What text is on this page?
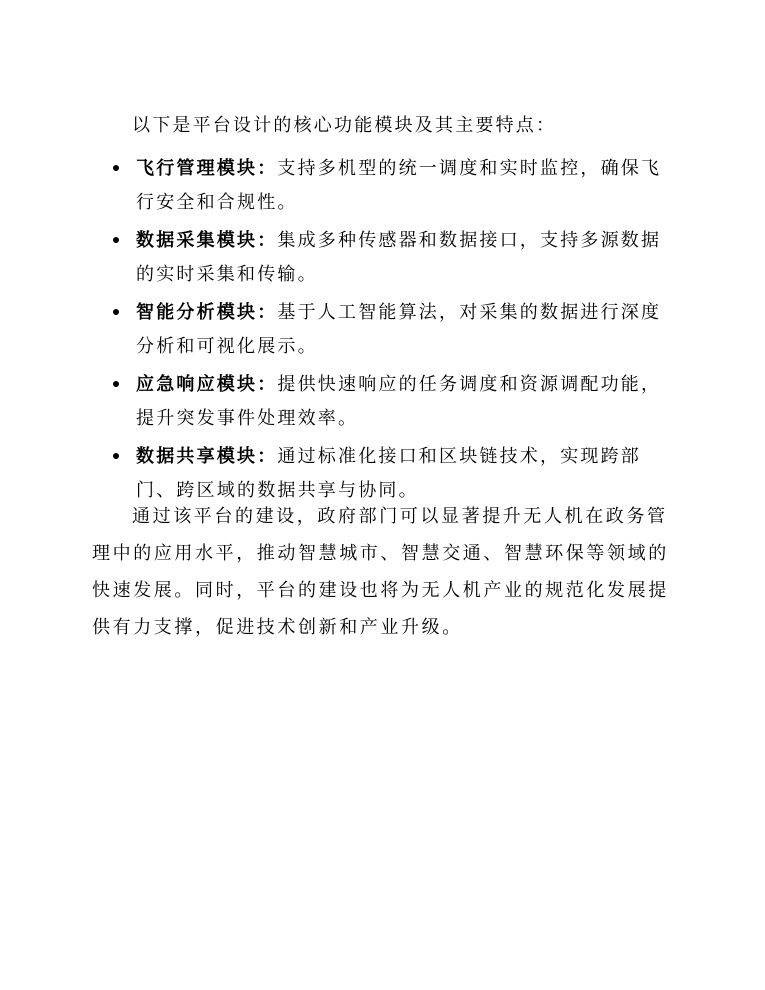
以下是平台设计的核心功能模块及其主要特点：
飞行管理模块：支持多机型的统一调度和实时监控，确保飞行安全和合规性。
数据采集模块：集成多种传感器和数据接口，支持多源数据的实时采集和传输。
智能分析模块：基于人工智能算法，对采集的数据进行深度分析和可视化展示。
应急响应模块：提供快速响应的任务调度和资源调配功能，提升突发事件处理效率。
数据共享模块：通过标准化接口和区块链技术，实现跨部门、跨区域的数据共享与协同。

通过该平台的建设，政府部门可以显著提升无人机在政务管理中的应用水平，推动智慧城市、智慧交通、智慧环保等领域的快速发展。同时，平台的建设也将为无人机产业的规范化发展提供有力支撑，促进技术创新和产业升级。
